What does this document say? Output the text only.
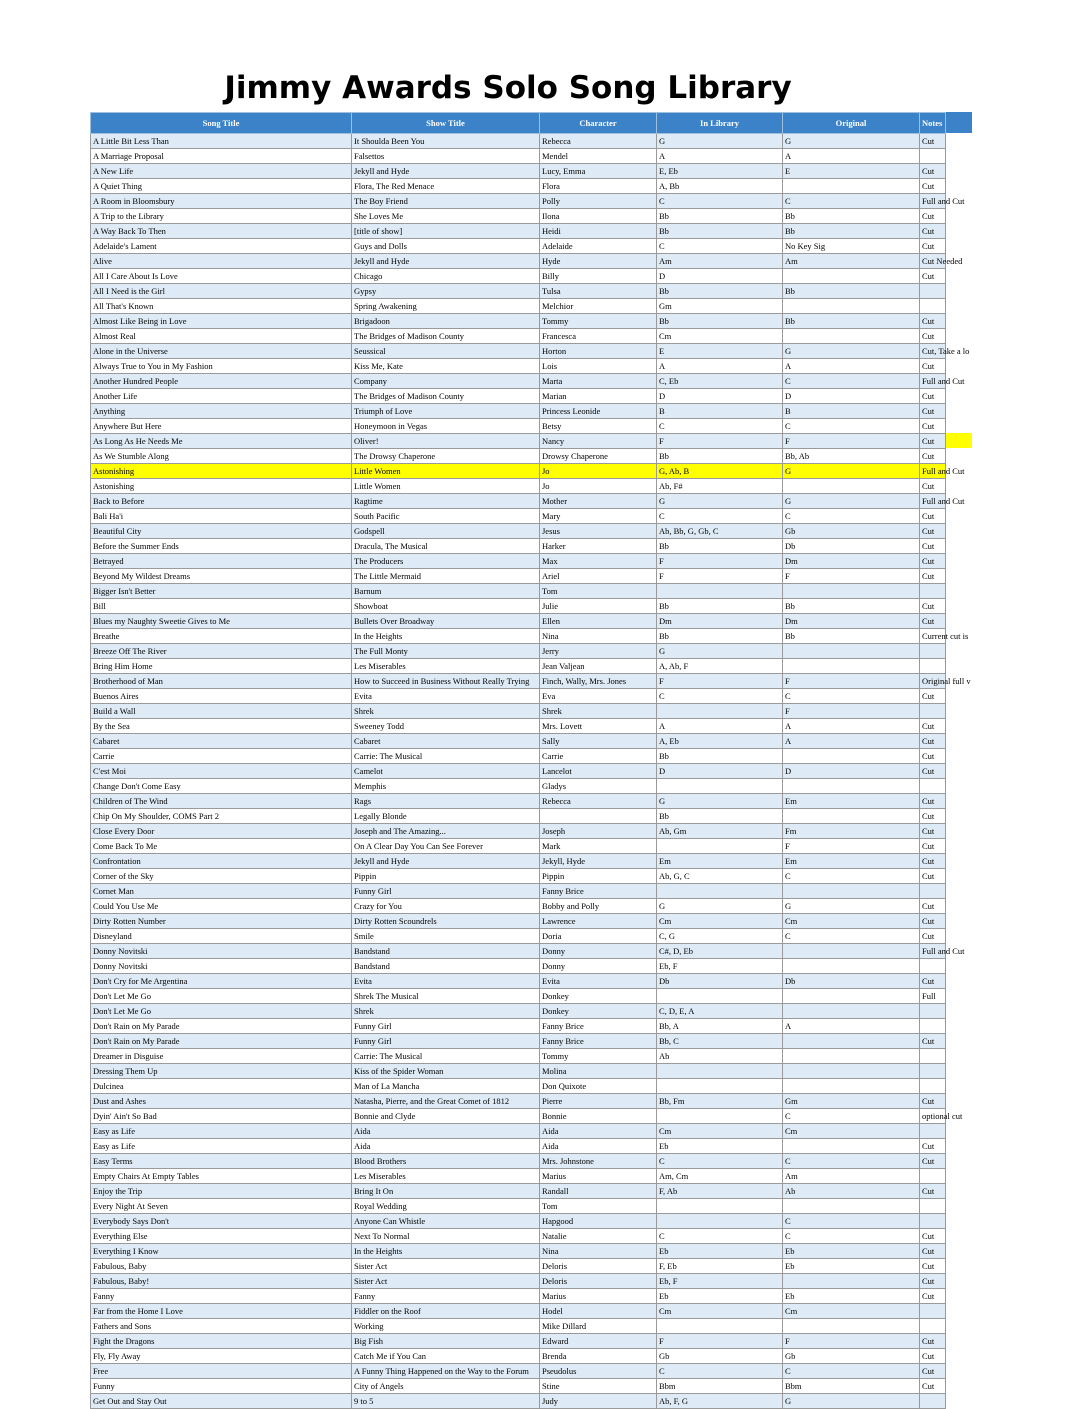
Jimmy Awards Solo Song Library
Song Title	Show Title	Character	In Library	Original	Notes
A Little Bit Less Than	It Shoulda Been You	Rebecca	G	G	Cut
A Marriage Proposal	Falsettos	Mendel	A	A	
A New Life	Jekyll and Hyde	Lucy, Emma	E, Eb	E	Cut
A Quiet Thing	Flora, The Red Menace	Flora	A, Bb		Cut
A Room in Bloomsbury	The Boy Friend	Polly	C	C	Full and Cut
A Trip to the Library	She Loves Me	Ilona	Bb	Bb	Cut
A Way Back To Then	[title of show]	Heidi	Bb	Bb	Cut
Adelaide's Lament	Guys and Dolls	Adelaide	C	No Key Sig	Cut
Alive	Jekyll and Hyde	Hyde	Am	Am	Cut Needed
All I Care About Is Love	Chicago	Billy	D		Cut
All I Need is the Girl	Gypsy	Tulsa	Bb	Bb	
All That's Known	Spring Awakening	Melchior	Gm		
Almost Like Being in Love	Brigadoon	Tommy	Bb	Bb	Cut
Almost Real	The Bridges of Madison County	Francesca	Cm		Cut
Alone in the Universe	Seussical	Horton	E	G	Cut, Take a lo
Always True to You in My Fashion	Kiss Me, Kate	Lois	A	A	Cut
Another Hundred People	Company	Marta	C, Eb	C	Full and Cut
Another Life	The Bridges of Madison County	Marian	D	D	Cut
Anything	Triumph of Love	Princess Leonide	B	B	Cut
Anywhere But Here	Honeymoon in Vegas	Betsy	C	C	Cut
As Long As He Needs Me	Oliver!	Nancy	F	F	Cut
As We Stumble Along	The Drowsy Chaperone	Drowsy Chaperone	Bb	Bb, Ab	Cut
Astonishing	Little Women	Jo	G, Ab, B	G	Full and Cut
Astonishing	Little Women	Jo	Ab, F#		Cut
Back to Before	Ragtime	Mother	G	G	Full and Cut
Bali Ha'i	South Pacific	Mary	C	C	Cut
Beautiful City	Godspell	Jesus	Ab, Bb, G, Gb, C	Gb	Cut
Before the Summer Ends	Dracula, The Musical	Harker	Bb	Db	Cut
Betrayed	The Producers	Max	F	Dm	Cut
Beyond My Wildest Dreams	The Little Mermaid	Ariel	F	F	Cut
Bigger Isn't Better	Barnum	Tom			
Bill	Showboat	Julie	Bb	Bb	Cut
Blues my Naughty Sweetie Gives to Me	Bullets Over Broadway	Ellen	Dm	Dm	Cut
Breathe	In the Heights	Nina	Bb	Bb	Current cut is
Breeze Off The River	The Full Monty	Jerry	G		
Bring Him Home	Les Miserables	Jean Valjean	A, Ab, F		
Brotherhood of Man	How to Succeed in Business Without Really Trying	Finch, Wally, Mrs. Jones	F	F	Original full v
Buenos Aires	Evita	Eva	C	C	Cut
Build a Wall	Shrek	Shrek		F	
By the Sea	Sweeney Todd	Mrs. Lovett	A	A	Cut
Cabaret	Cabaret	Sally	A, Eb	A	Cut
Carrie	Carrie: The Musical	Carrie	Bb		Cut
C'est Moi	Camelot	Lancelot	D	D	Cut
Change Don't Come Easy	Memphis	Gladys			
Children of The Wind	Rags	Rebecca	G	Em	Cut
Chip On My Shoulder, COMS Part 2	Legally Blonde		Bb		Cut
Close Every Door	Joseph and The Amazing...	Joseph	Ab, Gm	Fm	Cut
Come Back To Me	On A Clear Day You Can See Forever	Mark		F	Cut
Confrontation	Jekyll and Hyde	Jekyll, Hyde	Em	Em	Cut
Corner of the Sky	Pippin	Pippin	Ab, G, C	C	Cut
Cornet Man	Funny Girl	Fanny Brice			
Could You Use Me	Crazy for You	Bobby and Polly	G	G	Cut
Dirty Rotten Number	Dirty Rotten Scoundrels	Lawrence	Cm	Cm	Cut
Disneyland	Smile	Doria	C, G	C	Cut
Donny Novitski	Bandstand	Donny	C#, D, Eb		Full and Cut
Donny Novitski	Bandstand	Donny	Eb, F		
Don't Cry for Me Argentina	Evita	Evita	Db	Db	Cut
Don't Let Me Go	Shrek The Musical	Donkey			Full
Don't Let Me Go	Shrek	Donkey	C, D, E, A		
Don't Rain on My Parade	Funny Girl	Fanny Brice	Bb, A	A	
Don't Rain on My Parade	Funny Girl	Fanny Brice	Bb, C		Cut
Dreamer in Disguise	Carrie: The Musical	Tommy	Ab		
Dressing Them Up	Kiss of the Spider Woman	Molina			
Dulcinea	Man of La Mancha	Don Quixote			
Dust and Ashes	Natasha, Pierre, and the Great Comet of 1812	Pierre	Bb, Fm	Gm	Cut
Dyin' Ain't So Bad	Bonnie and Clyde	Bonnie		C	optional cut
Easy as Life	Aida	Aida	Cm	Cm	
Easy as Life	Aida	Aida	Eb		Cut
Easy Terms	Blood Brothers	Mrs. Johnstone	C	C	Cut
Empty Chairs At Empty Tables	Les Miserables	Marius	Am, Cm	Am	
Enjoy the Trip	Bring It On	Randall	F, Ab	Ab	Cut
Every Night At Seven	Royal Wedding	Tom			
Everybody Says Don't	Anyone Can Whistle	Hapgood		C	
Everything Else	Next To Normal	Natalie	C	C	Cut
Everything I Know	In the Heights	Nina	Eb	Eb	Cut
Fabulous, Baby	Sister Act	Deloris	F, Eb	Eb	Cut
Fabulous, Baby!	Sister Act	Deloris	Eb, F		Cut
Fanny	Fanny	Marius	Eb	Eb	Cut
Far from the Home I Love	Fiddler on the Roof	Hodel	Cm	Cm	
Fathers and Sons	Working	Mike Dillard			
Fight the Dragons	Big Fish	Edward	F	F	Cut
Fly, Fly Away	Catch Me if You Can	Brenda	Gb	Gb	Cut
Free	A Funny Thing Happened on the Way to the Forum	Pseudolus	C	C	Cut
Funny	City of Angels	Stine	Bbm	Bbm	Cut
Get Out and Stay Out	9 to 5	Judy	Ab, F, G	G	
